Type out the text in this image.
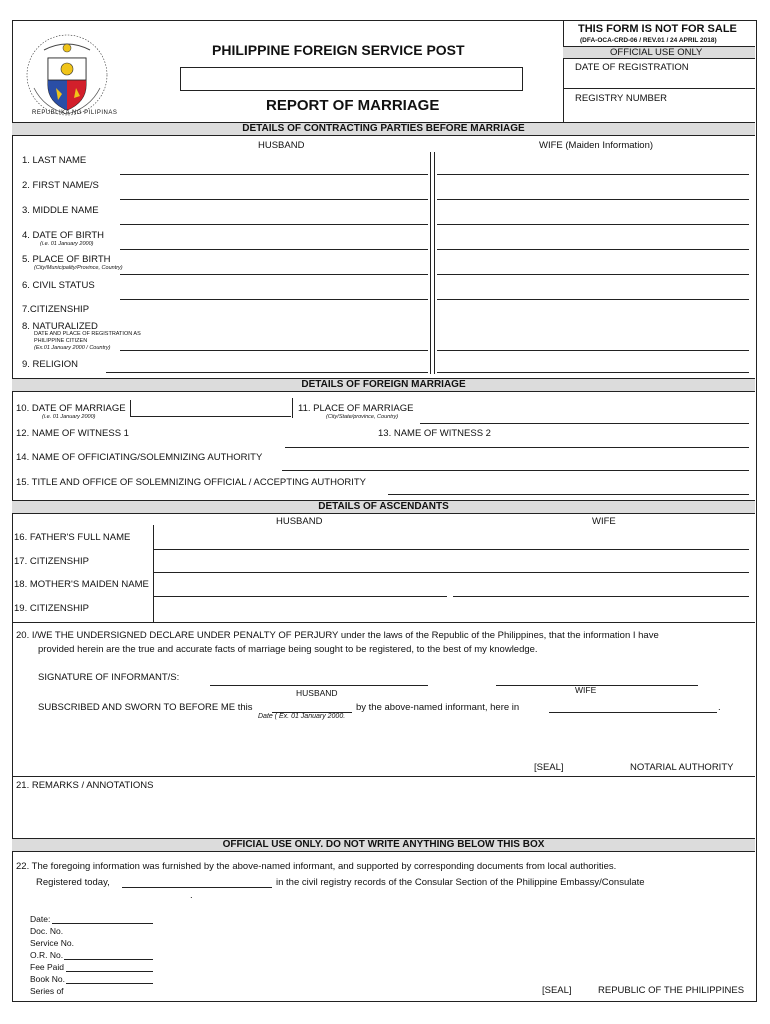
REPUBLIKA NG PILIPINAS
PHILIPPINE FOREIGN SERVICE POST
REPORT OF MARRIAGE
THIS FORM IS NOT FOR SALE
(DFA-OCA-CRD-06 / REV.01 / 24 APRIL 2018)
OFFICIAL USE ONLY
DATE OF REGISTRATION
REGISTRY NUMBER
DETAILS OF CONTRACTING PARTIES BEFORE MARRIAGE
HUSBAND	WIFE (Maiden Information)
1. LAST NAME
2. FIRST NAME/S
3. MIDDLE NAME
4. DATE OF BIRTH
(i.e. 01 January 2000)
5. PLACE OF BIRTH
(City/Municipality/Province, Country)
6. CIVIL STATUS
7.CITIZENSHIP
8. NATURALIZED
DATE AND PLACE OF REGISTRATION AS
PHILIPPINE CITIZEN
(Ex.01 January 2000 / Country)
9. RELIGION
DETAILS OF FOREIGN MARRIAGE
10. DATE OF MARRIAGE
(i.e. 01 January 2000)
11. PLACE OF MARRIAGE
(City/State/province, Country)
12. NAME OF WITNESS 1	13. NAME OF WITNESS 2
14. NAME OF OFFICIATING/SOLEMNIZING AUTHORITY
15. TITLE AND OFFICE OF SOLEMNIZING OFFICIAL / ACCEPTING AUTHORITY
DETAILS OF ASCENDANTS
HUSBAND	WIFE
16. FATHER'S FULL NAME
17. CITIZENSHIP
18. MOTHER'S MAIDEN NAME
19. CITIZENSHIP
20. I/WE THE UNDERSIGNED DECLARE UNDER PENALTY OF PERJURY under the laws of the Republic of the Philippines, that the information I have
provided herein are the true and accurate facts of marriage being sought to be registered, to the best of my knowledge.
SIGNATURE OF INFORMANT/S:
HUSBAND	WIFE
SUBSCRIBED AND SWORN TO BEFORE ME this	by the above-named informant, here in	.
Date ( Ex. 01 January 2000.
[SEAL]	NOTARIAL AUTHORITY
21. REMARKS / ANNOTATIONS
OFFICIAL USE ONLY. DO NOT WRITE ANYTHING BELOW THIS BOX
22. The foregoing information was furnished by the above-named informant, and supported by corresponding documents from local authorities.
Registered today,	in the civil registry records of the Consular Section of the Philippine Embassy/Consulate
.
Date:
Doc. No.
Service No.
O.R. No.
Fee Paid
Book No.
Series of	[SEAL]	REPUBLIC OF THE PHILIPPINES
